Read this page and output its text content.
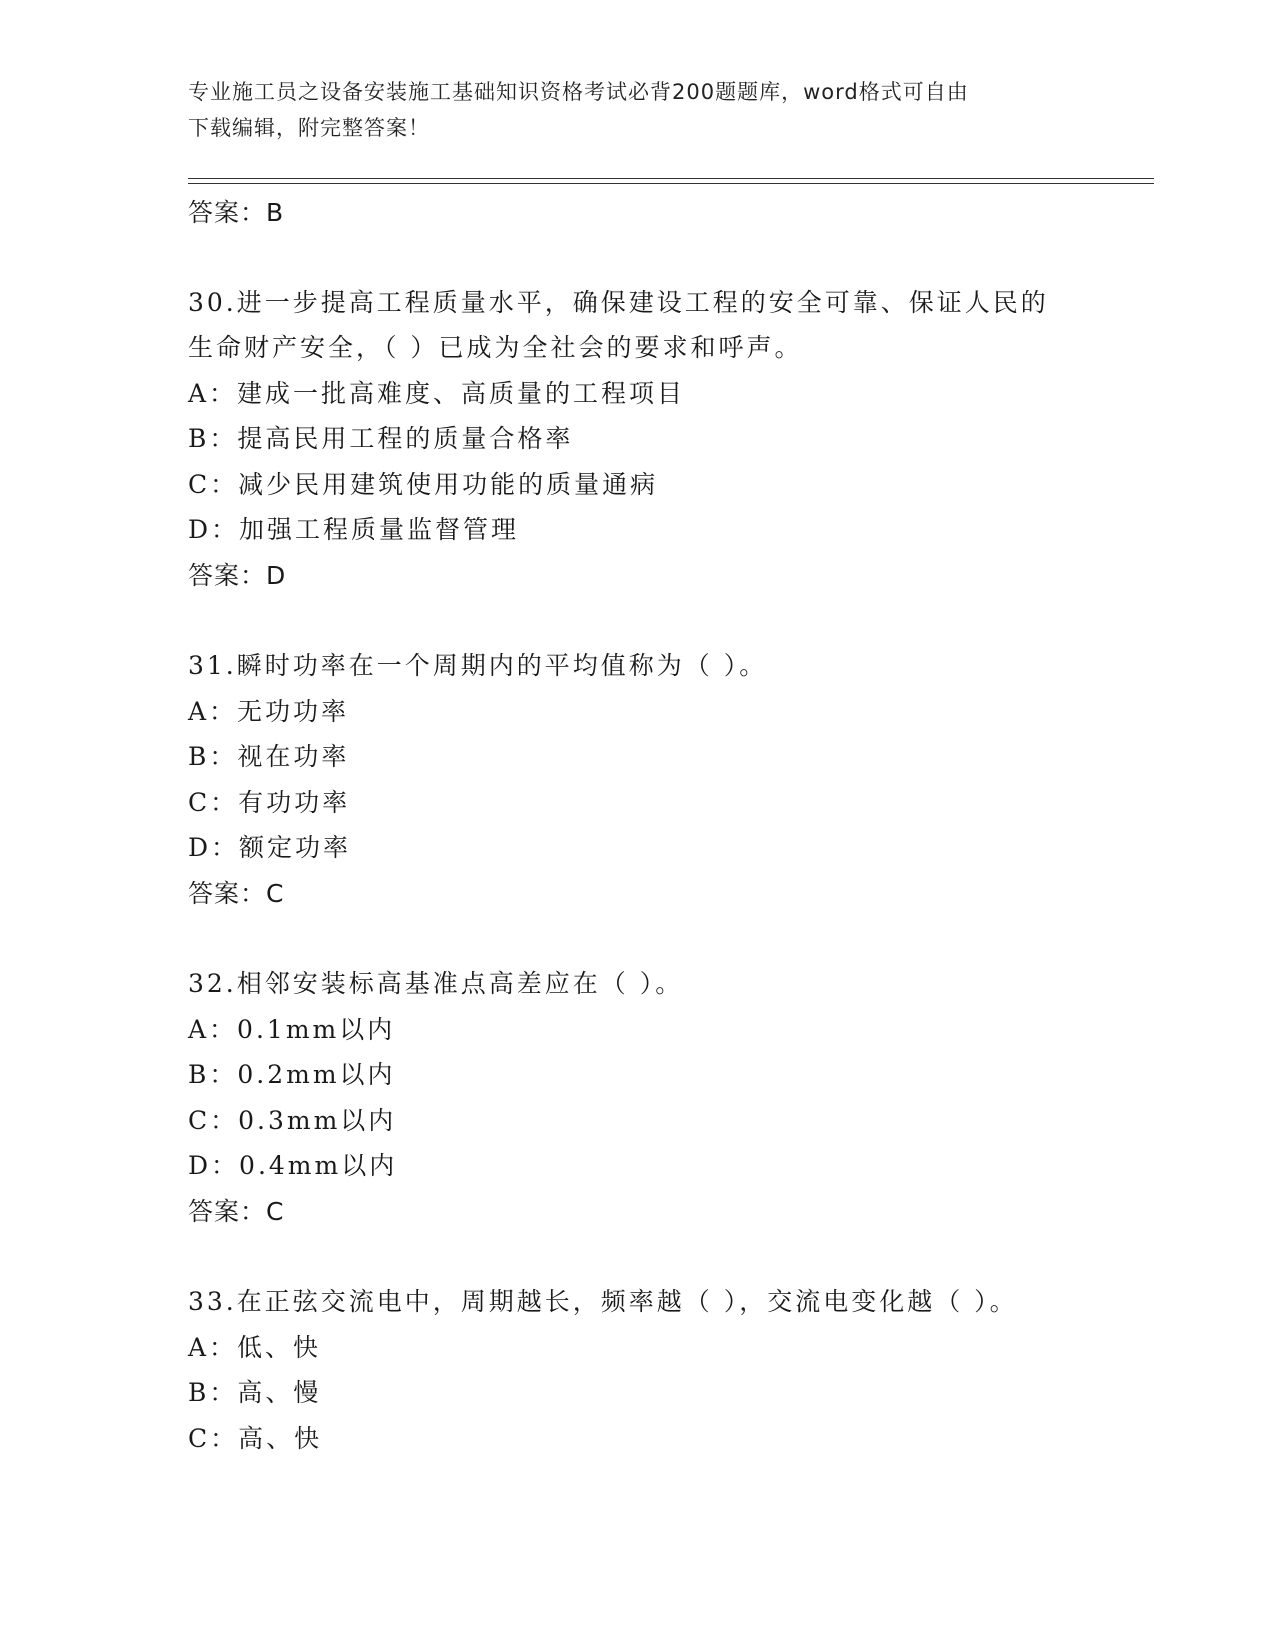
专业施工员之设备安装施工基础知识资格考试必背200题题库，word格式可自由
下载编辑，附完整答案！
答案：B
30.进一步提高工程质量水平，确保建设工程的安全可靠、保证人民的
生命财产安全，（ ）已成为全社会的要求和呼声。
A：建成一批高难度、高质量的工程项目
B：提高民用工程的质量合格率
C：减少民用建筑使用功能的质量通病
D：加强工程质量监督管理
答案：D
31.瞬时功率在一个周期内的平均值称为（ ）。
A：无功功率
B：视在功率
C：有功功率
D：额定功率
答案：C
32.相邻安装标高基准点高差应在（ ）。
A：0.1mm以内
B：0.2mm以内
C：0.3mm以内
D：0.4mm以内
答案：C
33.在正弦交流电中，周期越长，频率越（ ），交流电变化越（ ）。
A：低、快
B：高、慢
C：高、快
